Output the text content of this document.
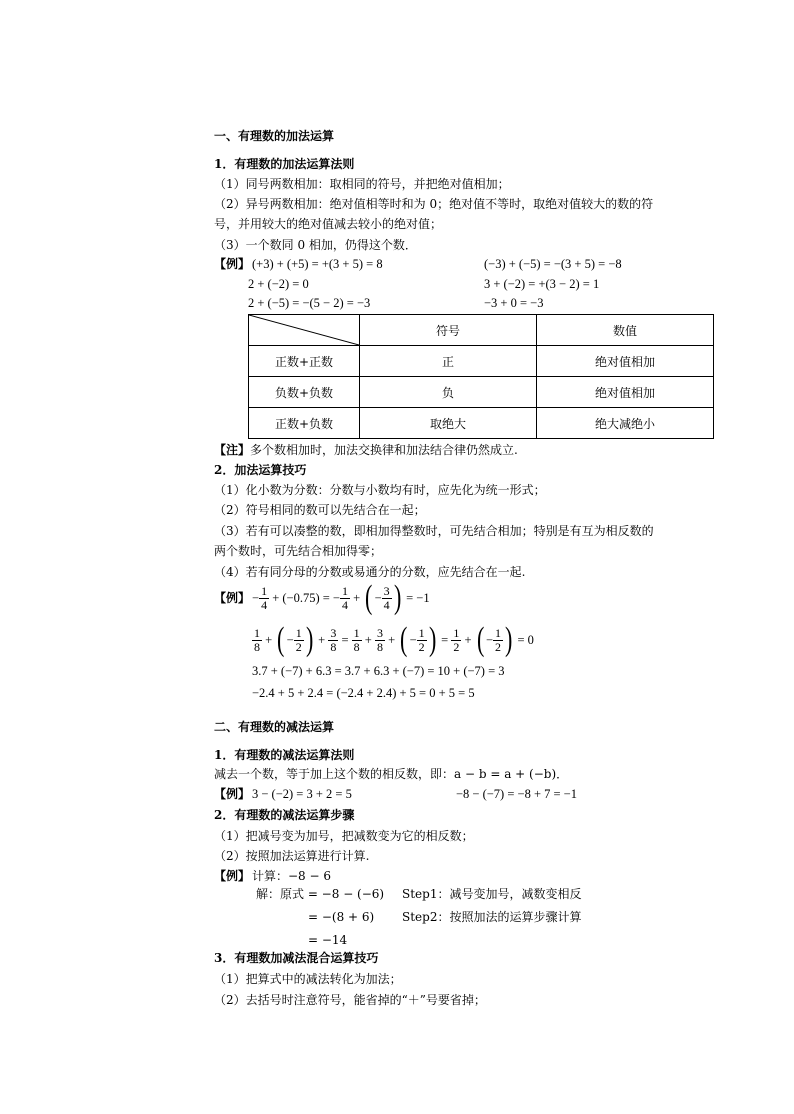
一、有理数的加法运算
1．有理数的加法运算法则
（1）同号两数相加：取相同的符号，并把绝对值相加；
（2）异号两数相加：绝对值相等时和为 0；绝对值不等时，取绝对值较大的数的符
号，并用较大的绝对值减去较小的绝对值；
（3）一个数同 0 相加，仍得这个数．
【例】 (+3) + (+5) = +(3 + 5) = 8	(−3) + (−5) = −(3 + 5) = −8
2 + (−2) = 0	3 + (−2) = +(3 − 2) = 1
2 + (−5) = −(5 − 2) = −3	−3 + 0 = −3
	符号	数值
正数+正数	正	绝对值相加
负数+负数	负	绝对值相加
正数+负数	取绝大	绝大减绝小
【注】多个数相加时，加法交换律和加法结合律仍然成立.
2．加法运算技巧
（1）化小数为分数：分数与小数均有时，应先化为统一形式；
（2）符号相同的数可以先结合在一起；
（3）若有可以凑整的数，即相加得整数时，可先结合相加；特别是有互为相反数的
两个数时，可先结合相加得零；
（4）若有同分母的分数或易通分的分数，应先结合在一起.
【例】 − $\frac{1}{4} + (-0.75)$ = − $\frac{1}{4}$ + ( − $\frac{3}{4}$ ) = −1
$\frac{1}{8}$ + ( − $\frac{1}{2}$ ) + $\frac{3}{8} = \frac{1}{8} + \frac{3}{8}$ + ( − $\frac{1}{2}$ ) = $\frac{1}{2}$ + ( − $\frac{1}{2}$ ) = 0
3.7 + (−7) + 6.3 = 3.7 + 6.3 + (−7) = 10 + (−7) = 3
−2.4 + 5 + 2.4 = (−2.4 + 2.4) + 5 = 0 + 5 = 5
二、有理数的减法运算
1．有理数的减法运算法则
减去一个数，等于加上这个数的相反数，即：a − b = a + (−b)．
【例】 3 − (−2) = 3 + 2 = 5	−8 − (−7) = −8 + 7 = −1
2．有理数的减法运算步骤
（1）把减号变为加号，把减数变为它的相反数；
（2）按照加法运算进行计算.
【例】 计算：−8 − 6
解：原式 = −8 − (−6) Step1：减号变加号，减数变相反
= −(8 + 6) Step2：按照加法的运算步骤计算
= −14
3．有理数加减法混合运算技巧
（1）把算式中的减法转化为加法；
（2）去括号时注意符号，能省掉的“＋”号要省掉；
